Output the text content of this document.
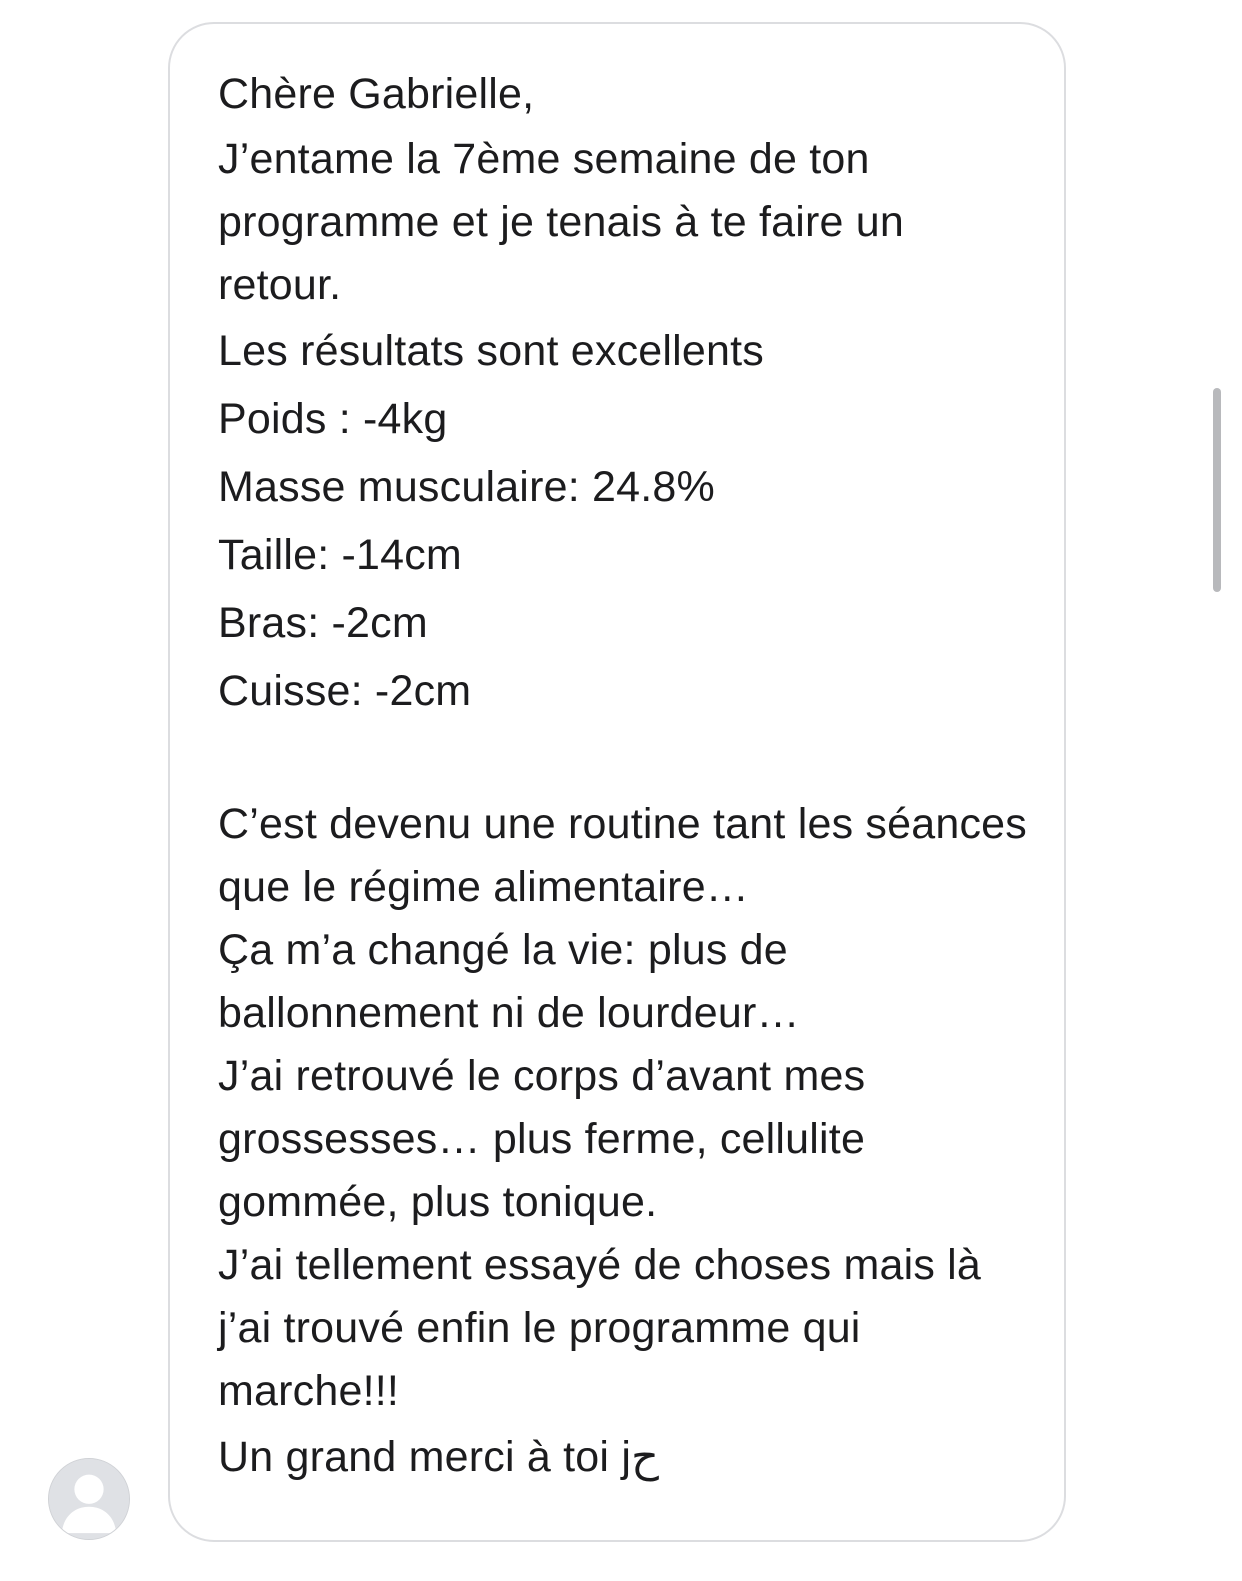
Chère Gabrielle,
J’entame la 7ème semaine de ton programme et je tenais à te faire un retour.
Les résultats sont excellents
Poids : -4kg
Masse musculaire: 24.8%
Taille: -14cm
Bras: -2cm
Cuisse: -2cm
C’est devenu une routine tant les séances que le régime alimentaire…
Ça m’a changé la vie: plus de ballonnement ni de lourdeur…
J’ai retrouvé le corps d’avant mes grossesses… plus ferme, cellulite gommée, plus tonique.
J’ai tellement essayé de choses mais là j’ai trouvé enfin le programme qui marche!!!
Un grand merci à toi jح
